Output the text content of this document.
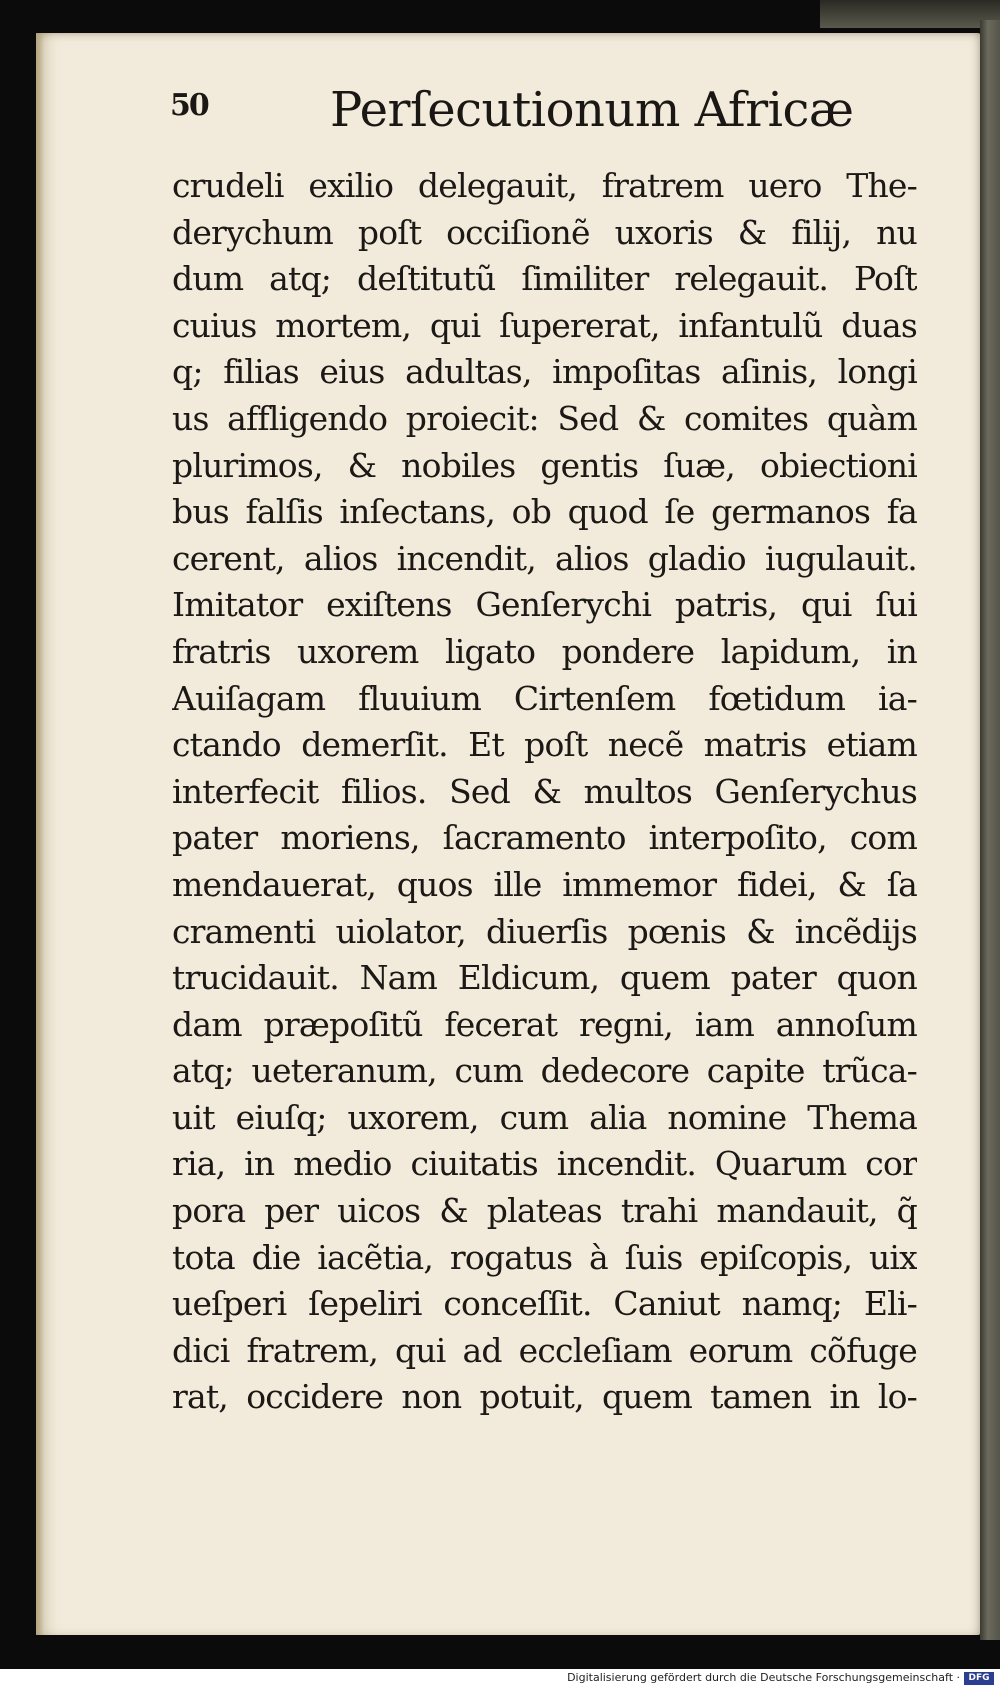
50	Perſecutionum Africæ
crudeli exilio delegauit, fratrem uero The-
derychum poſt occiſionẽ uxoris & filij, nu
dum atq; deſtitutũ ſimiliter relegauit. Poſt
cuius mortem, qui ſupererat, infantulũ duas
q; filias eius adultas, impoſitas aſinis, longi
us affligendo proiecit: Sed & comites quàm
plurimos, & nobiles gentis ſuæ, obiectioni
bus falſis inſectans, ob quod ſe germanos fa
cerent, alios incendit, alios gladio iugulauit.
Imitator exiſtens Genſerychi patris, qui ſui
fratris uxorem ligato pondere lapidum, in
Auiſagam fluuium Cirtenſem fœtidum ia-
ctando demerſit. Et poſt necẽ matris etiam
interfecit filios. Sed & multos Genſerychus
pater moriens, ſacramento interpoſito, com
mendauerat, quos ille immemor fidei, & ſa
cramenti uiolator, diuerſis pœnis & incẽdijs
trucidauit. Nam Eldicum, quem pater quon
dam præpoſitũ fecerat regni, iam annoſum
atq; ueteranum, cum dedecore capite trũca-
uit eiuſq; uxorem, cum alia nomine Thema
ria, in medio ciuitatis incendit. Quarum cor
pora per uicos & plateas trahi mandauit, q̃
tota die iacẽtia, rogatus à ſuis epiſcopis, uix
ueſperi ſepeliri conceſſit. Caniut namq; Eli-
dici fratrem, qui ad eccleſiam eorum cõfuge
rat, occidere non potuit, quem tamen in lo-
Digitalisierung gefördert durch die Deutsche Forschungsgemeinschaft · DFG
